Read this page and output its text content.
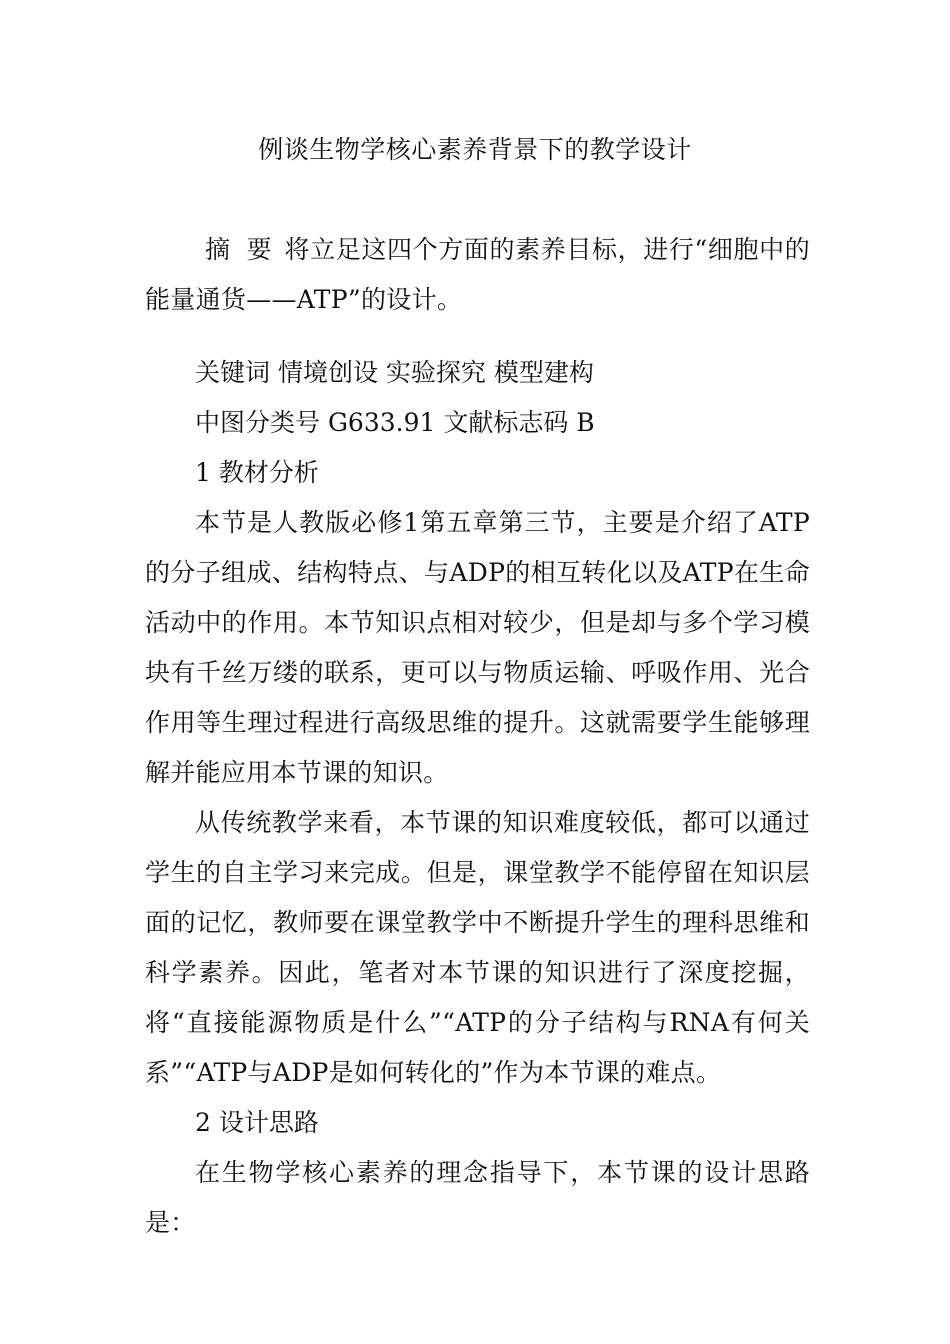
例谈生物学核心素养背景下的教学设计
摘 要 将立足这四个方面的素养目标，进行“细胞中的能量通货——ATP”的设计。
关键词 情境创设 实验探究 模型建构
中图分类号 G633.91 文献标志码 B
1 教材分析
本节是人教版必修1第五章第三节，主要是介绍了ATP的分子组成、结构特点、与ADP的相互转化以及ATP在生命活动中的作用。本节知识点相对较少，但是却与多个学习模块有千丝万缕的联系，更可以与物质运输、呼吸作用、光合作用等生理过程进行高级思维的提升。这就需要学生能够理解并能应用本节课的知识。
从传统教学来看，本节课的知识难度较低，都可以通过学生的自主学习来完成。但是，课堂教学不能停留在知识层面的记忆，教师要在课堂教学中不断提升学生的理科思维和科学素养。因此，笔者对本节课的知识进行了深度挖掘，将“直接能源物质是什么”“ATP的分子结构与RNA有何关系”“ATP与ADP是如何转化的”作为本节课的难点。
2 设计思路
在生物学核心素养的理念指导下，本节课的设计思路是：
